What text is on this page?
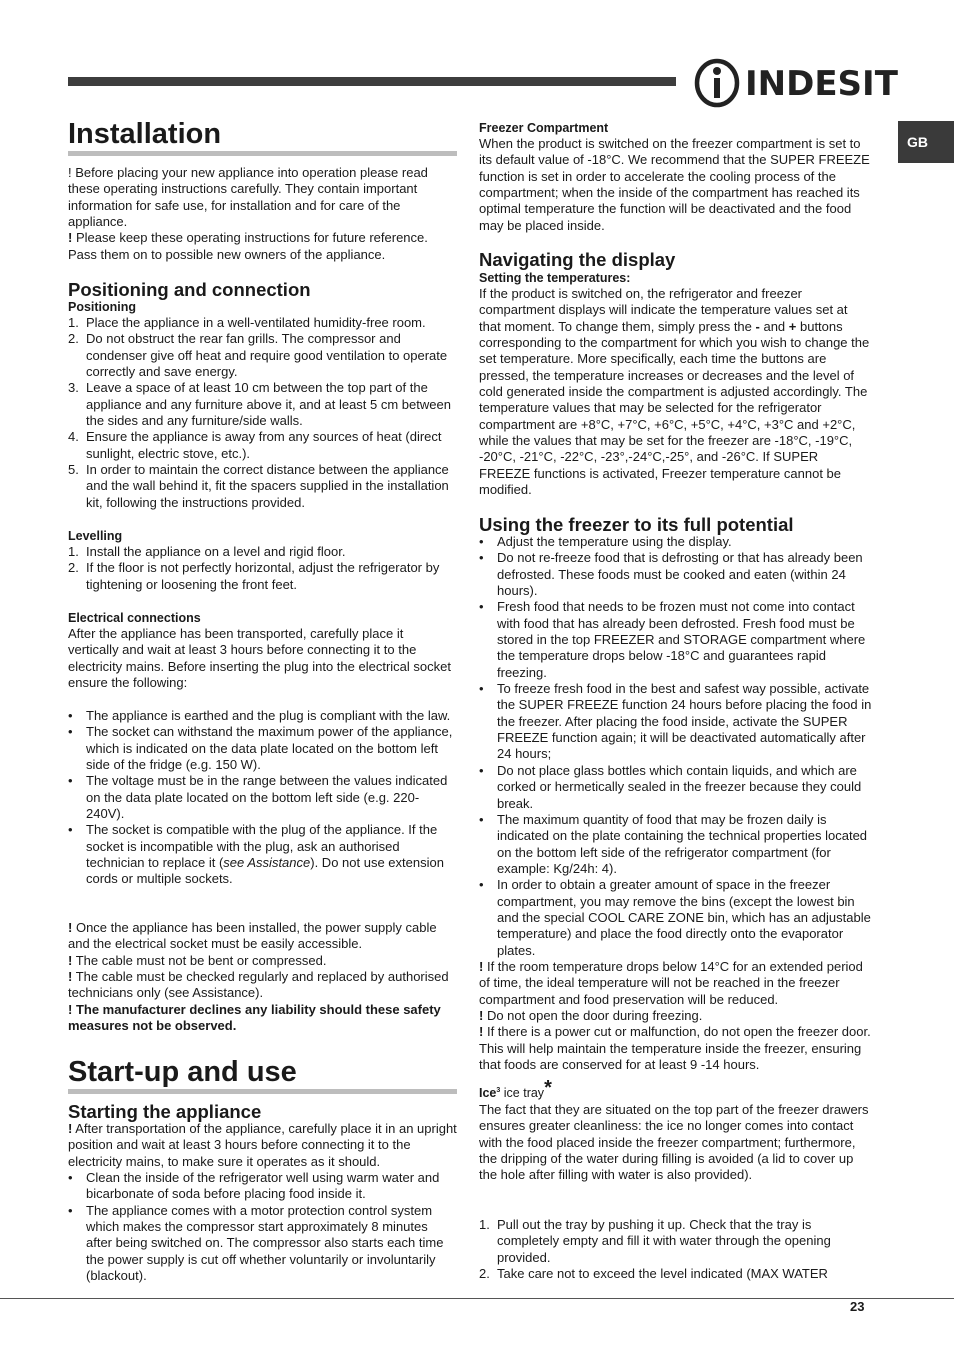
INDESIT
GB
Installation

! Before placing your new appliance into operation please read these operating instructions carefully. They contain important information for safe use, for installation and for care of the appliance.

! Please keep these operating instructions for future reference. Pass them on to possible new owners of the appliance.

Positioning and connection
Positioning
1. Place the appliance in a well-ventilated humidity-free room.
2. Do not obstruct the rear fan grills. The compressor and condenser give off heat and require good ventilation to operate correctly and save energy.
3. Leave a space of at least 10 cm between the top part of the appliance and any furniture above it, and at least 5 cm between the sides and any furniture/side walls.
4. Ensure the appliance is away from any sources of heat (direct sunlight, electric stove, etc.).
5. In order to maintain the correct distance between the appliance and the wall behind it, fit the spacers supplied in the installation kit, following the instructions provided.
Levelling
1. Install the appliance on a level and rigid floor.
2. If the floor is not perfectly horizontal, adjust the refrigerator by tightening or loosening the front feet.
Electrical connections

After the appliance has been transported, carefully place it vertically and wait at least 3 hours before connecting it to the electricity mains. Before inserting the plug into the electrical socket ensure the following:

• The appliance is earthed and the plug is compliant with the law.
• The socket can withstand the maximum power of the appliance, which is indicated on the data plate located on the bottom left side of the fridge (e.g. 150 W).
• The voltage must be in the range between the values indicated on the data plate located on the bottom left side (e.g. 220-240V).
• The socket is compatible with the plug of the appliance. If the socket is incompatible with the plug, ask an authorised technician to replace it (see Assistance). Do not use extension cords or multiple sockets.

! Once the appliance has been installed, the power supply cable and the electrical socket must be easily accessible.

! The cable must not be bent or compressed.

! The cable must be checked regularly and replaced by authorised technicians only (see Assistance).

! The manufacturer declines any liability should these safety measures not be observed.

Start-up and use
Starting the appliance

! After transportation of the appliance, carefully place it in an upright position and wait at least 3 hours before connecting it to the electricity mains, to make sure it operates as it should.

• Clean the inside of the refrigerator well using warm water and bicarbonate of soda before placing food inside it.
• The appliance comes with a motor protection control system which makes the compressor start approximately 8 minutes after being switched on. The compressor also starts each time the power supply is cut off whether voluntarily or involuntarily (blackout).
Freezer Compartment

When the product is switched on the freezer compartment is set to its default value of -18°C. We recommend that the SUPER FREEZE function is set in order to accelerate the cooling process of the compartment; when the inside of the compartment has reached its optimal temperature the function will be deactivated and the food may be placed inside.

Navigating the display
Setting the temperatures:

If the product is switched on, the refrigerator and freezer compartment displays will indicate the temperature values set at that moment. To change them, simply press the - and + buttons corresponding to the compartment for which you wish to change the set temperature. More specifically, each time the buttons are pressed, the temperature increases or decreases and the level of cold generated inside the compartment is adjusted accordingly. The temperature values that may be selected for the refrigerator compartment are +8°C, +7°C, +6°C, +5°C, +4°C, +3°C and +2°C, while the values that may be set for the freezer are -18°C, -19°C, -20°C, -21°C, -22°C, -23°,-24°C,-25°, and -26°C. If SUPER FREEZE functions is activated, Freezer temperature cannot be modified.

Using the freezer to its full potential
• Adjust the temperature using the display.
• Do not re-freeze food that is defrosting or that has already been defrosted. These foods must be cooked and eaten (within 24 hours).
• Fresh food that needs to be frozen must not come into contact with food that has already been defrosted. Fresh food must be stored in the top FREEZER and STORAGE compartment where the temperature drops below -18°C and guarantees rapid freezing.
• To freeze fresh food in the best and safest way possible, activate the SUPER FREEZE function 24 hours before placing the food in the freezer. After placing the food inside, activate the SUPER FREEZE function again; it will be deactivated automatically after 24 hours;
• Do not place glass bottles which contain liquids, and which are corked or hermetically sealed in the freezer because they could break.
• The maximum quantity of food that may be frozen daily is indicated on the plate containing the technical properties located on the bottom left side of the refrigerator compartment (for example: Kg/24h: 4).
• In order to obtain a greater amount of space in the freezer compartment, you may remove the bins (except the lowest bin and the special COOL CARE ZONE bin, which has an adjustable temperature) and place the food directly onto the evaporator plates.

! If the room temperature drops below 14°C for an extended period of time, the ideal temperature will not be reached in the freezer compartment and food preservation will be reduced.

! Do not open the door during freezing.

! If there is a power cut or malfunction, do not open the freezer door. This will help maintain the temperature inside the freezer, ensuring that foods are conserved for at least 9 -14 hours.

Ice$^3$ ice tray*

The fact that they are situated on the top part of the freezer drawers ensures greater cleanliness: the ice no longer comes into contact with the food placed inside the freezer compartment; furthermore, the dripping of the water during filling is avoided (a lid to cover up the hole after filling with water is also provided).

1. Pull out the tray by pushing it up. Check that the tray is completely empty and fill it with water through the opening provided.
2. Take care not to exceed the level indicated (MAX WATER
23
